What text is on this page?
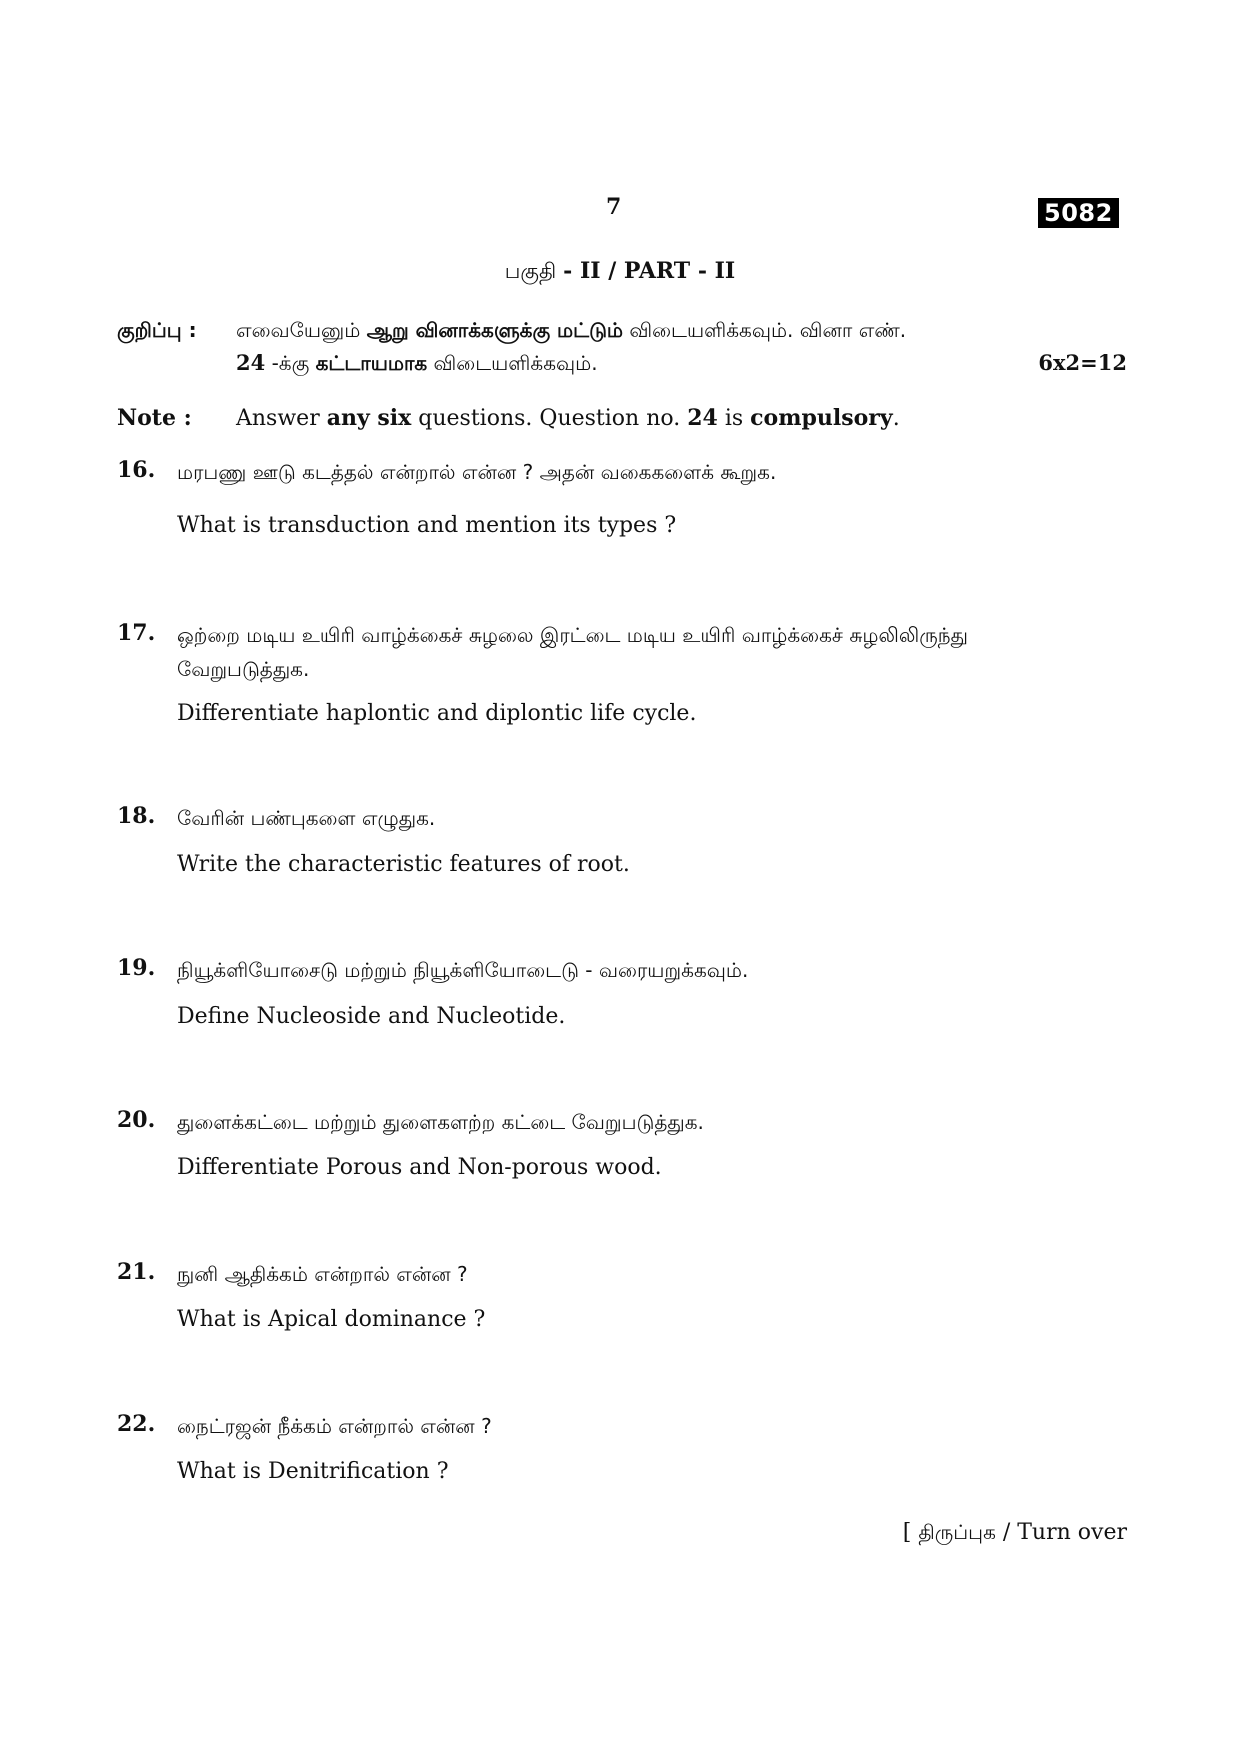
7	5082
பகுதி - II / PART - II
குறிப்பு : எவையேனும் ஆறு வினாக்களுக்கு மட்டும் விடையளிக்கவும். வினா எண்.
24 -க்கு கட்டாயமாக விடையளிக்கவும்.	6x2=12
Note : Answer any six questions. Question no. 24 is compulsory.
16. மரபணு ஊடு கடத்தல் என்றால் என்ன ? அதன் வகைகளைக் கூறுக.
What is transduction and mention its types ?
17. ஒற்றை மடிய உயிரி வாழ்க்கைச் சுழலை இரட்டை மடிய உயிரி வாழ்க்கைச் சுழலிலிருந்து வேறுபடுத்துக.
Differentiate haplontic and diplontic life cycle.
18. வேரின் பண்புகளை எழுதுக.
Write the characteristic features of root.
19. நியூக்ளியோசைடு மற்றும் நியூக்ளியோடைடு - வரையறுக்கவும்.
Define Nucleoside and Nucleotide.
20. துளைக்கட்டை மற்றும் துளைகளற்ற கட்டை வேறுபடுத்துக.
Differentiate Porous and Non-porous wood.
21. நுனி ஆதிக்கம் என்றால் என்ன ?
What is Apical dominance ?
22. நைட்ரஜன் நீக்கம் என்றால் என்ன ?
What is Denitrification ?
[ திருப்புக / Turn over
